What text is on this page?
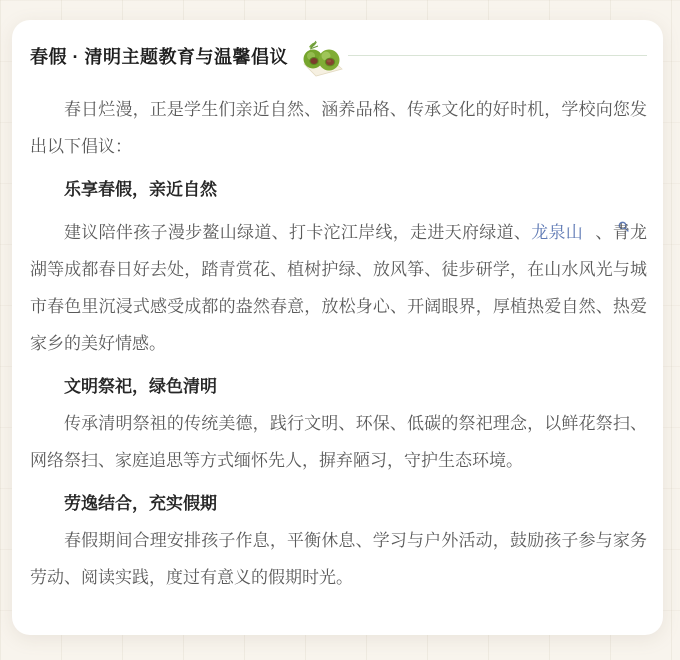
春假 · 清明主题教育与温馨倡议

春日烂漫，正是学生们亲近自然、涵养品格、传承文化的好时机，学校向您发出以下倡议：

乐享春假，亲近自然

建议陪伴孩子漫步鳌山绿道、打卡沱江岸线，走进天府绿道、龙泉山 、青龙湖等成都春日好去处，踏青赏花、植树护绿、放风筝、徒步研学，在山水风光与城市春色里沉浸式感受成都的盎然春意，放松身心、开阔眼界，厚植热爱自然、热爱家乡的美好情感。

文明祭祀，绿色清明

传承清明祭祖的传统美德，践行文明、环保、低碳的祭祀理念，以鲜花祭扫、网络祭扫、家庭追思等方式缅怀先人，摒弃陋习，守护生态环境。

劳逸结合，充实假期

春假期间合理安排孩子作息，平衡休息、学习与户外活动，鼓励孩子参与家务劳动、阅读实践，度过有意义的假期时光。
